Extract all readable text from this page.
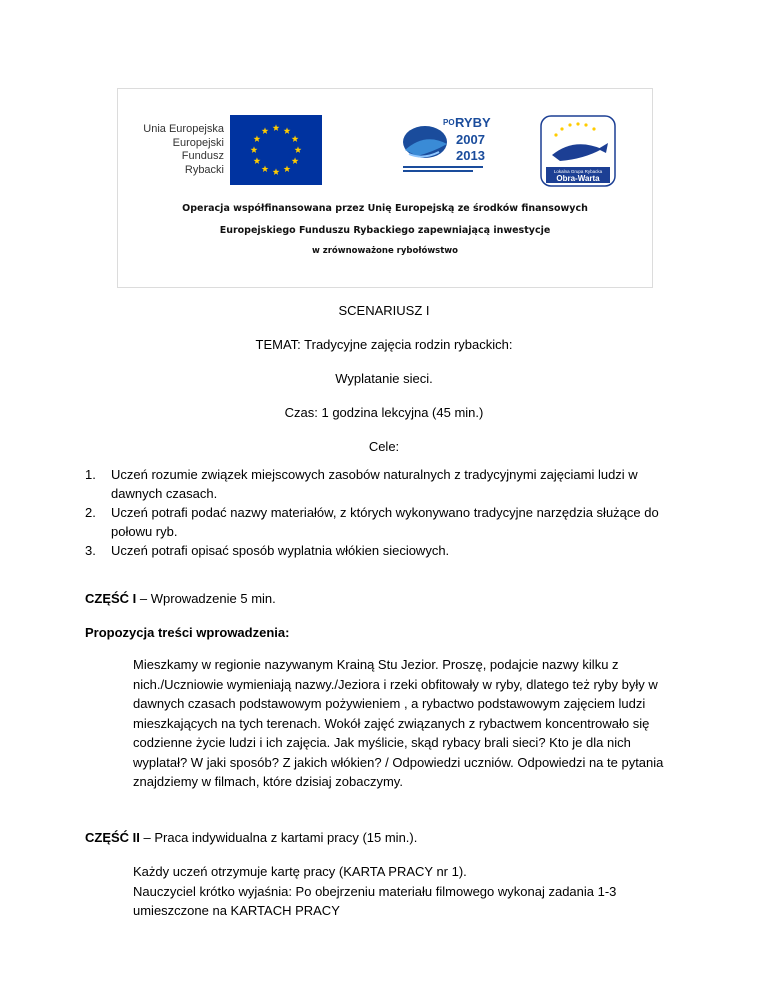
Unia Europejska
Europejski
Fundusz
Rybacki
PO RYBY
2007
2013
Lokalna Grupa Rybacka
Obra-Warta
Operacja współfinansowana przez Unię Europejską ze środków finansowych
Europejskiego Funduszu Rybackiego zapewniającą inwestycje
w zrównoważone rybołówstwo
SCENARIUSZ I
TEMAT: Tradycyjne zajęcia rodzin rybackich:
Wyplatanie sieci.
Czas: 1 godzina lekcyjna (45 min.)
Cele:
1.	Uczeń rozumie związek miejscowych zasobów naturalnych z tradycyjnymi zajęciami ludzi w dawnych czasach.
2.	Uczeń potrafi podać nazwy materiałów, z których wykonywano tradycyjne narzędzia służące do połowu ryb.
3.	Uczeń potrafi opisać sposób wyplatnia włókien sieciowych.
CZĘŚĆ I – Wprowadzenie 5 min.
Propozycja treści wprowadzenia:
Mieszkamy w regionie nazywanym Krainą Stu Jezior. Proszę, podajcie nazwy kilku z nich./Uczniowie wymieniają nazwy./Jeziora i rzeki obfitowały w ryby, dlatego też ryby były w dawnych czasach podstawowym pożywieniem , a rybactwo podstawowym zajęciem ludzi mieszkających na tych terenach. Wokół zajęć związanych z rybactwem koncentrowało się codzienne życie ludzi i ich zajęcia. Jak myślicie, skąd rybacy brali sieci? Kto je dla nich wyplatał? W jaki sposób? Z jakich włókien? / Odpowiedzi uczniów. Odpowiedzi na te pytania znajdziemy w filmach, które dzisiaj zobaczymy.
CZĘŚĆ II – Praca indywidualna z kartami pracy (15 min.).
Każdy uczeń otrzymuje kartę pracy (KARTA PRACY nr 1).
Nauczyciel krótko wyjaśnia: Po obejrzeniu materiału filmowego wykonaj zadania 1-3 umieszczone na KARTACH PRACY
